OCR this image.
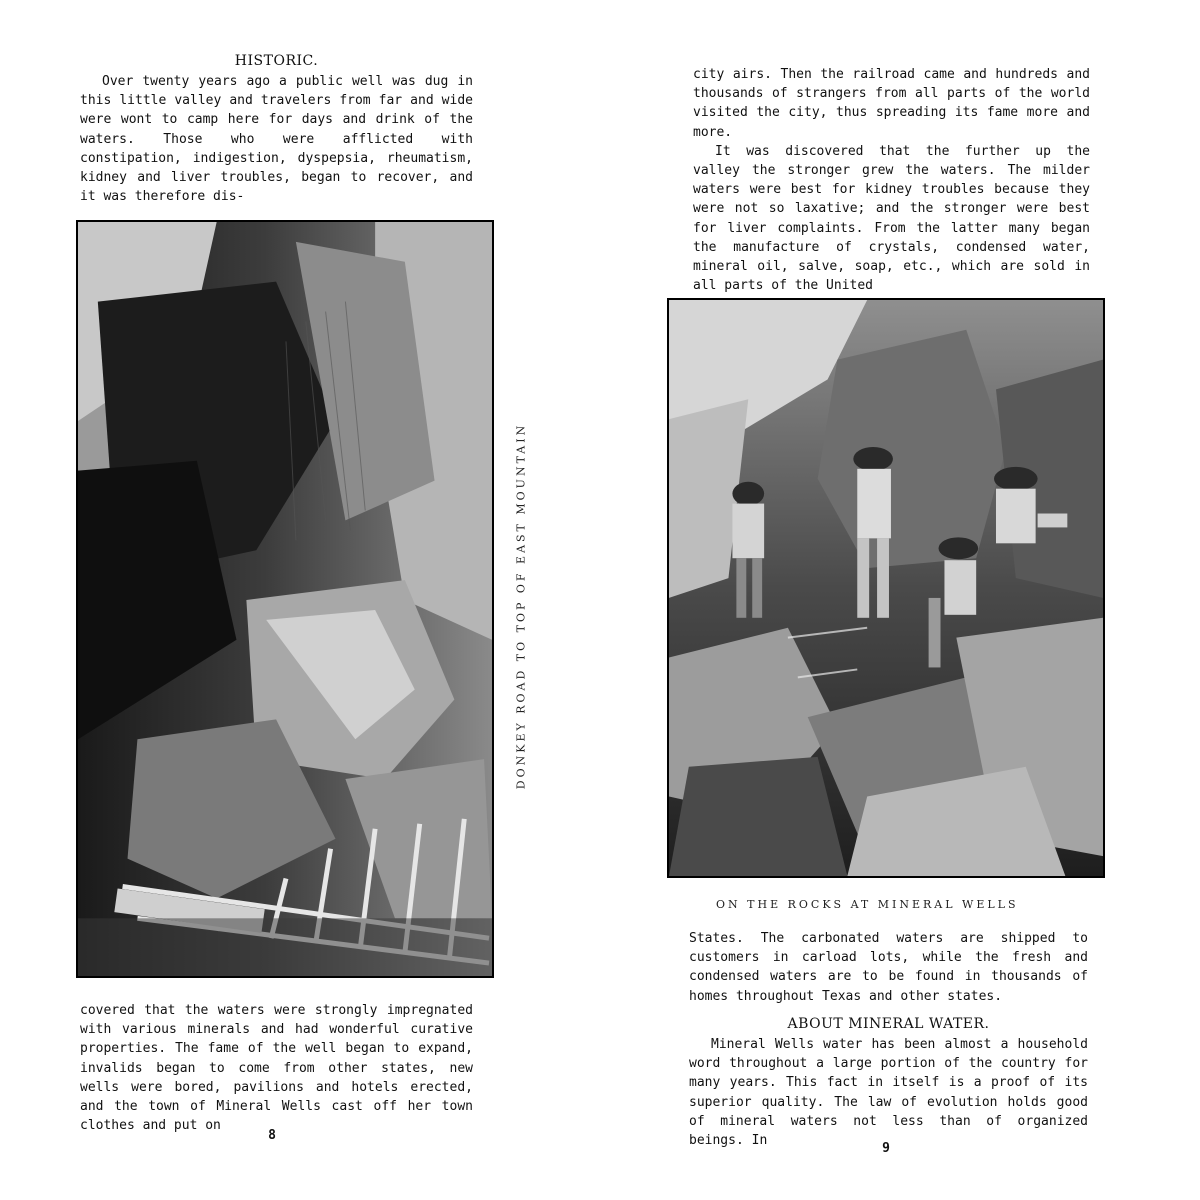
HISTORIC.

Over twenty years ago a public well was dug in this little valley and travelers from far and wide were wont to camp here for days and drink of the waters. Those who were afflicted with constipation, indigestion, dyspepsia, rheumatism, kidney and liver troubles, began to recover, and it was therefore dis-

DONKEY ROAD TO TOP OF EAST MOUNTAIN

covered that the waters were strongly impregnated with various minerals and had wonderful curative properties. The fame of the well began to expand, invalids began to come from other states, new wells were bored, pavilions and hotels erected, and the town of Mineral Wells cast off her town clothes and put on

8

city airs. Then the railroad came and hundreds and thousands of strangers from all parts of the world visited the city, thus spreading its fame more and more.

It was discovered that the further up the valley the stronger grew the waters. The milder waters were best for kidney troubles because they were not so laxative; and the stronger were best for liver complaints. From the latter many began the manufacture of crystals, condensed water, mineral oil, salve, soap, etc., which are sold in all parts of the United

ON THE ROCKS AT MINERAL WELLS

States. The carbonated waters are shipped to customers in carload lots, while the fresh and condensed waters are to be found in thousands of homes throughout Texas and other states.

ABOUT MINERAL WATER.

Mineral Wells water has been almost a household word throughout a large portion of the country for many years. This fact in itself is a proof of its superior quality. The law of evolution holds good of mineral waters not less than of organized beings. In

9
